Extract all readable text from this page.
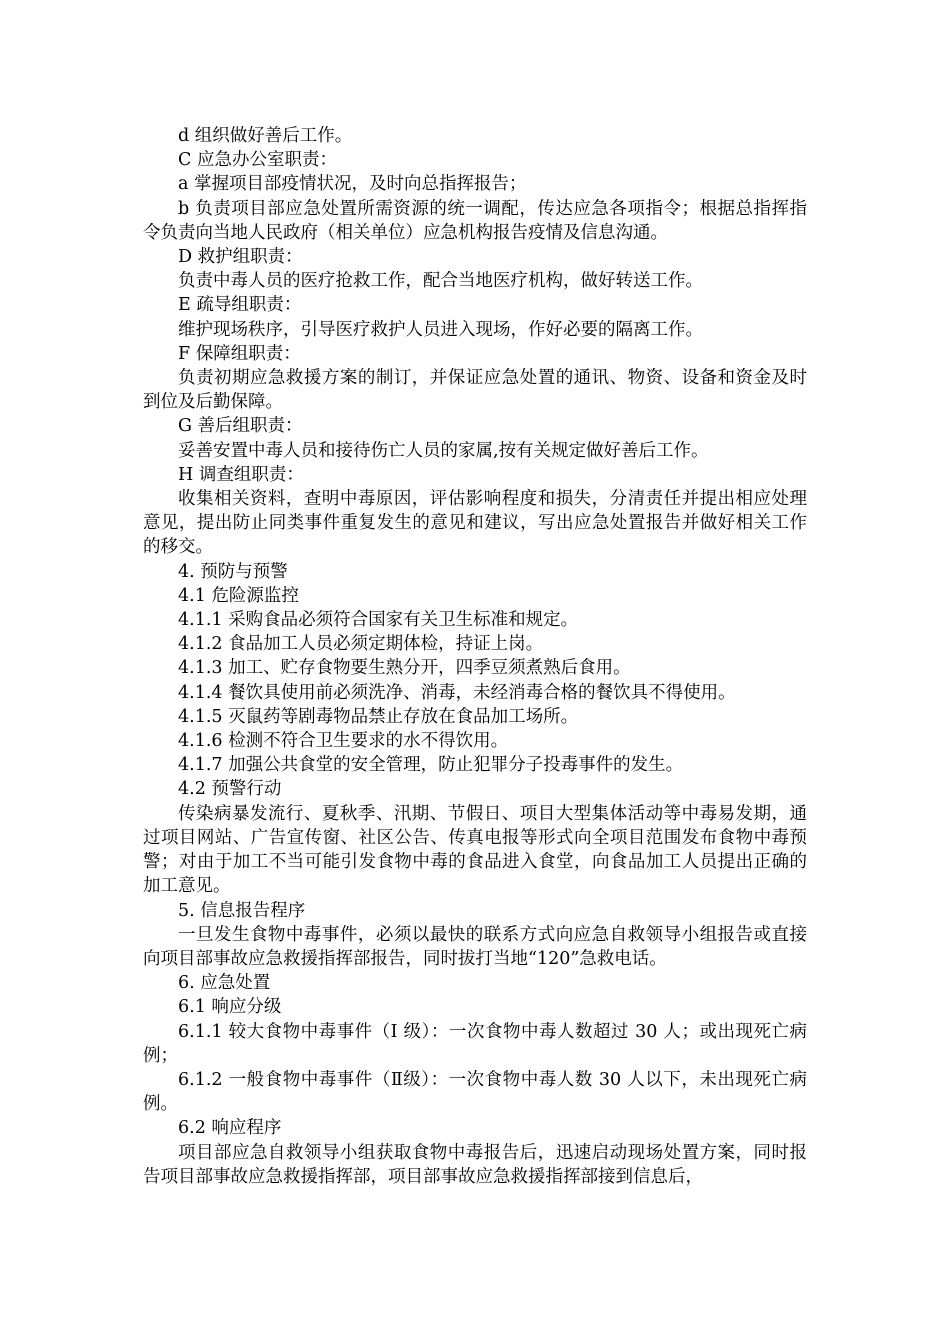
d 组织做好善后工作。

C 应急办公室职责：

a 掌握项目部疫情状况，及时向总指挥报告；

b 负责项目部应急处置所需资源的统一调配，传达应急各项指令；根据总指挥指令负责向当地人民政府（相关单位）应急机构报告疫情及信息沟通。

D 救护组职责：

负责中毒人员的医疗抢救工作，配合当地医疗机构，做好转送工作。

E 疏导组职责：

维护现场秩序，引导医疗救护人员进入现场，作好必要的隔离工作。

F 保障组职责：

负责初期应急救援方案的制订，并保证应急处置的通讯、物资、设备和资金及时到位及后勤保障。

G 善后组职责：

妥善安置中毒人员和接待伤亡人员的家属,按有关规定做好善后工作。

H 调查组职责：

收集相关资料，查明中毒原因，评估影响程度和损失，分清责任并提出相应处理意见，提出防止同类事件重复发生的意见和建议，写出应急处置报告并做好相关工作的移交。

4. 预防与预警

4.1 危险源监控

4.1.1 采购食品必须符合国家有关卫生标准和规定。

4.1.2 食品加工人员必须定期体检，持证上岗。

4.1.3 加工、贮存食物要生熟分开，四季豆须煮熟后食用。

4.1.4 餐饮具使用前必须洗净、消毒，未经消毒合格的餐饮具不得使用。

4.1.5 灭鼠药等剧毒物品禁止存放在食品加工场所。

4.1.6 检测不符合卫生要求的水不得饮用。

4.1.7 加强公共食堂的安全管理，防止犯罪分子投毒事件的发生。

4.2 预警行动

传染病暴发流行、夏秋季、汛期、节假日、项目大型集体活动等中毒易发期，通过项目网站、广告宣传窗、社区公告、传真电报等形式向全项目范围发布食物中毒预警；对由于加工不当可能引发食物中毒的食品进入食堂，向食品加工人员提出正确的加工意见。

5. 信息报告程序

一旦发生食物中毒事件，必须以最快的联系方式向应急自救领导小组报告或直接向项目部事故应急救援指挥部报告，同时拔打当地“120”急救电话。

6. 应急处置

6.1 响应分级

6.1.1 较大食物中毒事件（I 级）：一次食物中毒人数超过 30 人；或出现死亡病例；

6.1.2 一般食物中毒事件（Ⅱ级）：一次食物中毒人数 30 人以下，未出现死亡病例。

6.2 响应程序

项目部应急自救领导小组获取食物中毒报告后，迅速启动现场处置方案，同时报告项目部事故应急救援指挥部，项目部事故应急救援指挥部接到信息后，
